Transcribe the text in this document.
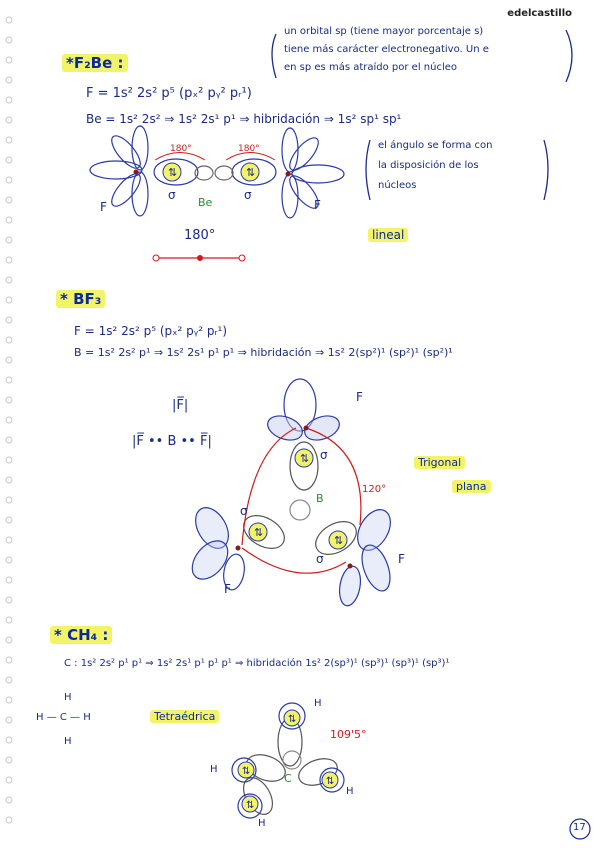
edelcastillo
⇅	⇅
⇅
⇅
⇅
⇅
⇅
⇅
⇅
un orbital sp (tiene mayor porcentaje s)
tiene más carácter electronegativo. Un e
en sp es más atraído por el núcleo
*F₂Be :
F = 1s² 2s² p⁵ (pₓ² pᵧ² pᵣ¹)
Be = 1s² 2s² ⇒ 1s² 2s¹ p¹ ⇒ hibridación ⇒ 1s² sp¹ sp¹
180°	180°
F	F
σ	σ
Be
180°
el ángulo se forma con
la disposición de los
núcleos
lineal
* BF₃
F = 1s² 2s² p⁵ (pₓ² pᵧ² pᵣ¹)
B = 1s² 2s² p¹ ⇒ 1s² 2s¹ p¹ p¹ ⇒ hibridación ⇒ 1s² 2(sp²)¹ (sp²)¹ (sp²)¹
|F̅|
|F̅ •• B •• F̅|
120°
B
F
F
F
σ
σ
σ
Trigonal
plana
* CH₄ :
C : 1s² 2s² p¹ p¹ ⇒ 1s² 2s¹ p¹ p¹ p¹ ⇒ hibridación 1s² 2(sp³)¹ (sp³)¹ (sp³)¹ (sp³)¹
H
H — C — H
H
Tetraédrica
109'5°
C
H
H
H
H	17
